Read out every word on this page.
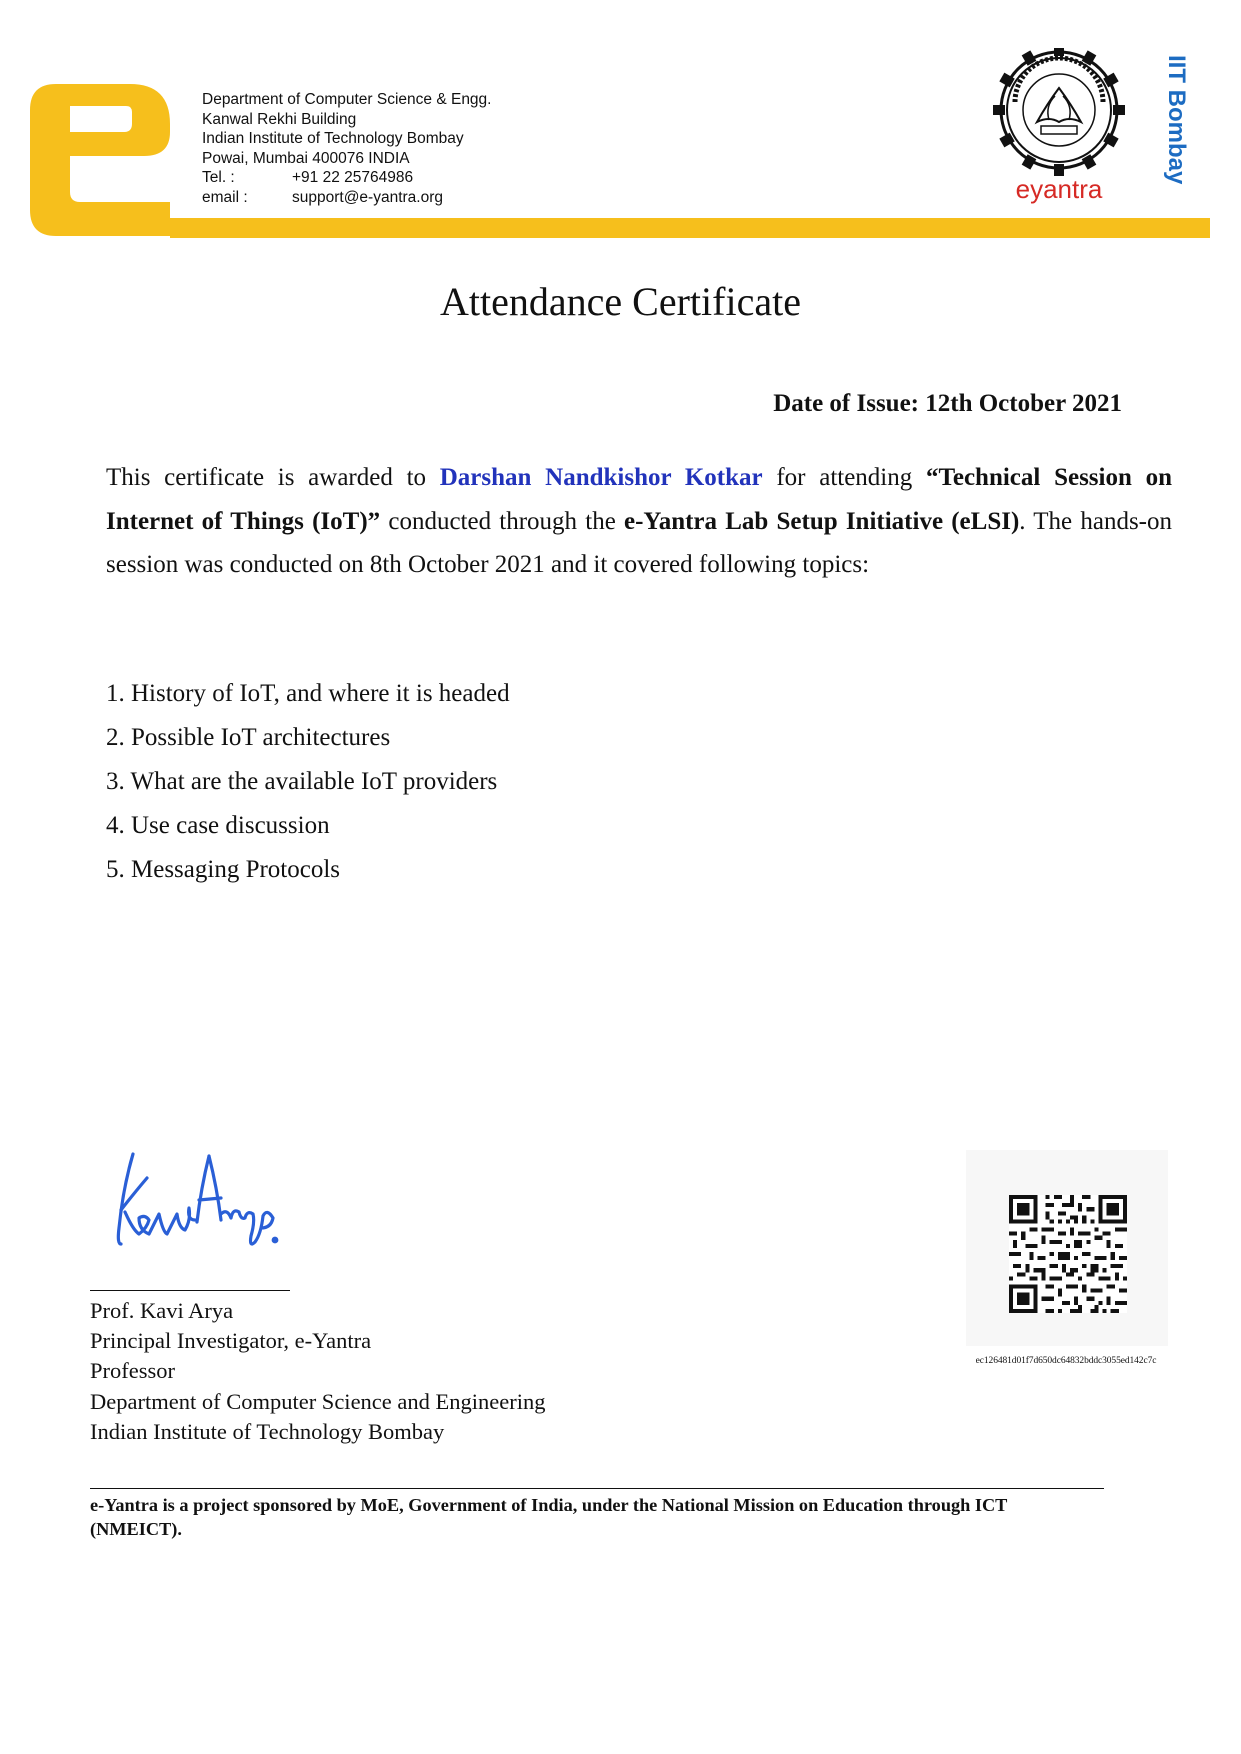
Department of Computer Science & Engg.
Kanwal Rekhi Building
Indian Institute of Technology Bombay
Powai, Mumbai 400076 INDIA
Tel. :	+91 22 25764986
email :	support@e-yantra.org	eyantra
IIT Bombay
Attendance Certificate
Date of Issue: 12th October 2021
This certificate is awarded to Darshan Nandkishor Kotkar for attending “Technical Session on Internet of Things (IoT)” conducted through the e-Yantra Lab Setup Initiative (eLSI). The hands-on session was conducted on 8th October 2021 and it covered following topics:
1. History of IoT, and where it is headed
2. Possible IoT architectures
3. What are the available IoT providers
4. Use case discussion
5. Messaging Protocols
Prof. Kavi Arya
Principal Investigator, e-Yantra
Professor
Department of Computer Science and Engineering
Indian Institute of Technology Bombay
ec126481d01f7d650dc64832bddc3055ed142c7c
e-Yantra is a project sponsored by MoE, Government of India, under the National Mission on Education through ICT (NMEICT).
